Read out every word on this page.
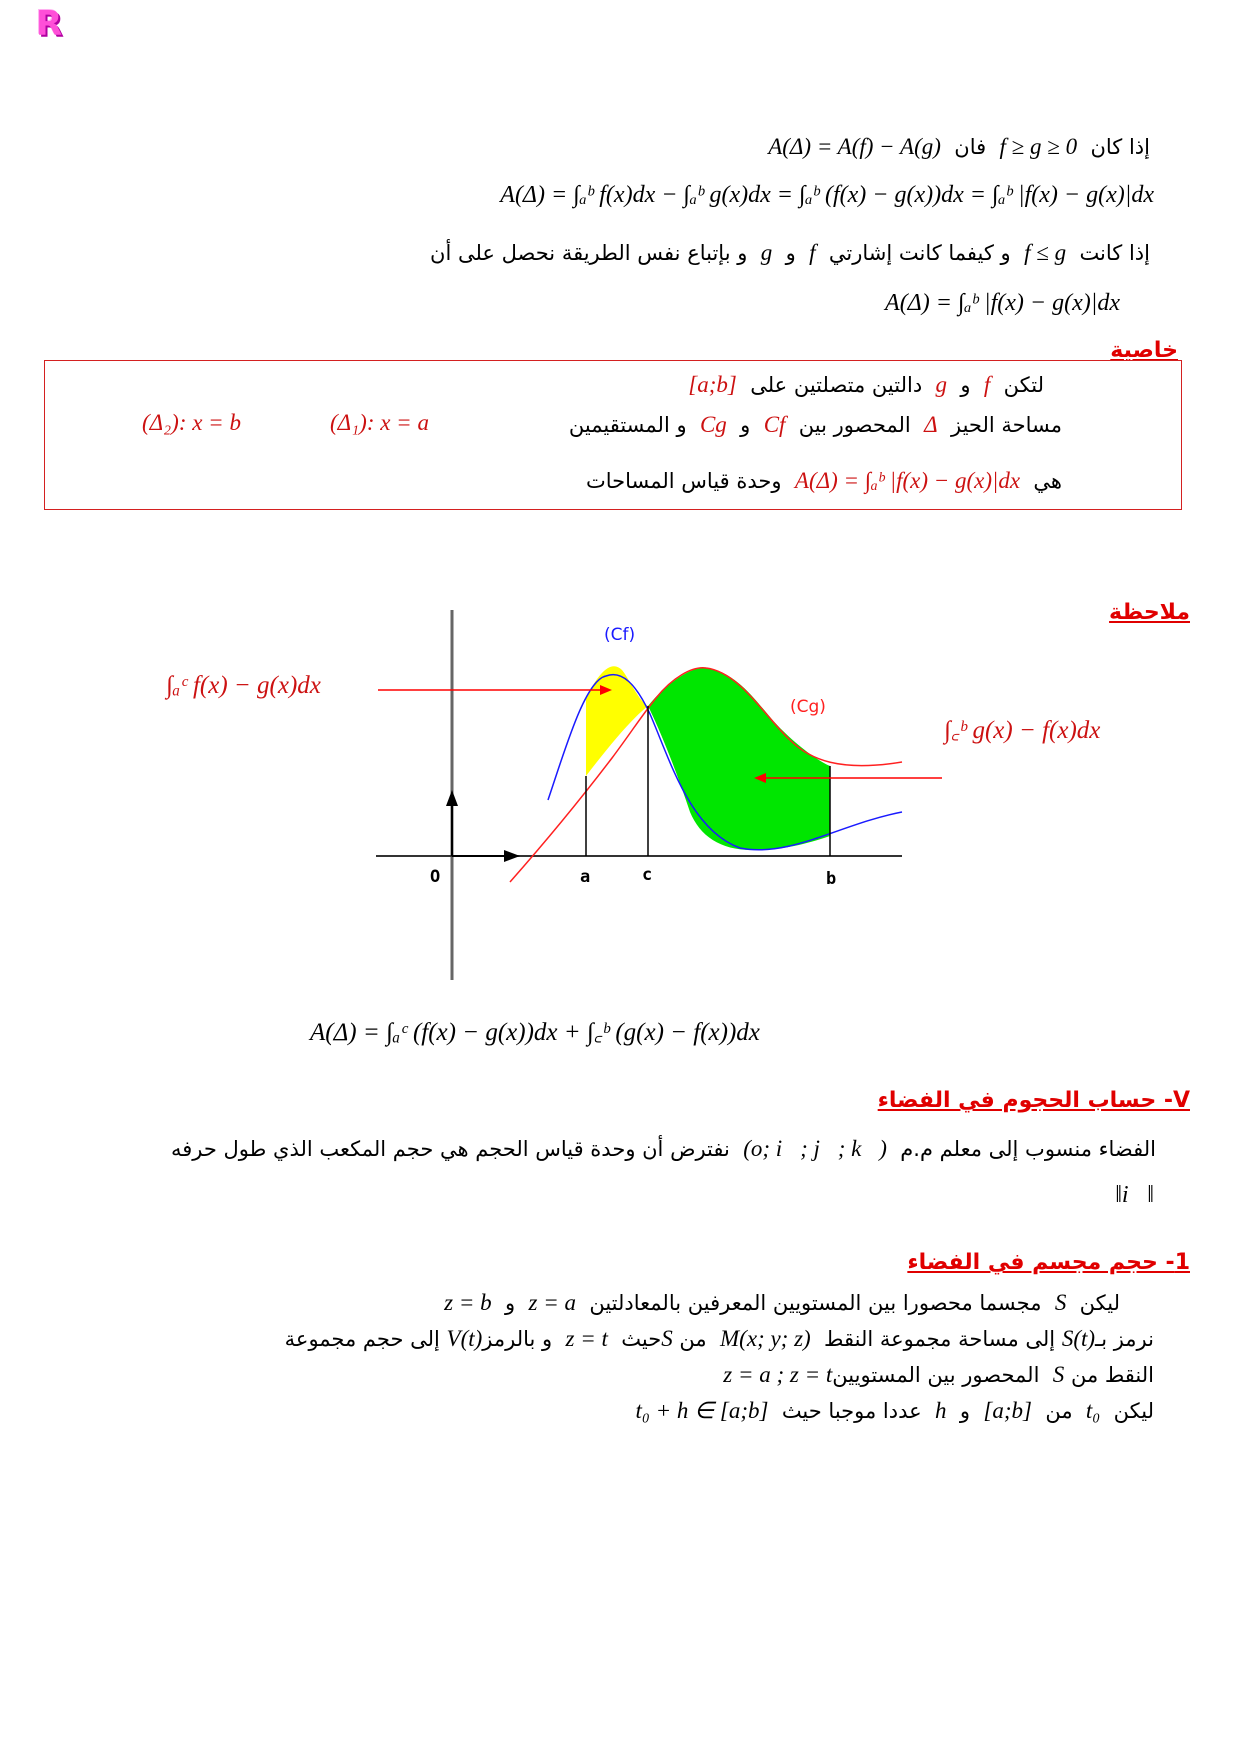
R
إذا كان  f ≥ g ≥ 0  فان  A(Δ) = A(f) − A(g)
A(Δ) = ∫ₐᵇ f(x)dx − ∫ₐᵇ g(x)dx = ∫ₐᵇ (f(x) − g(x))dx = ∫ₐᵇ |f(x) − g(x)|dx
إذا كانت  f ≤ g  و كيفما كانت إشارتي  f  و  g  و بإتباع نفس الطريقة نحصل على أن
A(Δ) = ∫ₐᵇ |f(x) − g(x)|dx
خاصية
لتكن  f  و  g  دالتين متصلتين على  [a;b]
مساحة الحيز  Δ  المحصور بين  Cf  و  Cg  و المستقيمين
(Δ₁): x = a
(Δ₂): x = b
هي  A(Δ) = ∫ₐᵇ |f(x) − g(x)|dx  وحدة قياس المساحات
ملاحظة
(Cf)
(Cg)
O	a	c	b
∫ₐᶜ f(x) − g(x)dx
∫꜀ᵇ g(x) − f(x)dx
A(Δ) = ∫ₐᶜ (f(x) − g(x))dx + ∫꜀ᵇ (g(x) − f(x))dx
V- حساب الحجوم في الفضاء
الفضاء منسوب إلى معلم م.م  (o; i⃗; j⃗; k⃗)  نفترض أن وحدة قياس الحجم هي حجم المكعب الذي طول حرفه
‖i⃗‖
1- حجم مجسم في الفضاء
ليكن  S  مجسما محصورا بين المستويين المعرفين بالمعادلتين  z = a  و  z = b
نرمز بـS(t) إلى مساحة مجموعة النقط  M(x; y; z)  من Sحيث  z = t  و بالرمزV(t) إلى حجم مجموعة
النقط من S  المحصور بين المستويينz = a ; z = t
ليكن  t₀  من  [a;b]  و  h  عددا موجبا حيث  t₀ + h ∈ [a;b]
